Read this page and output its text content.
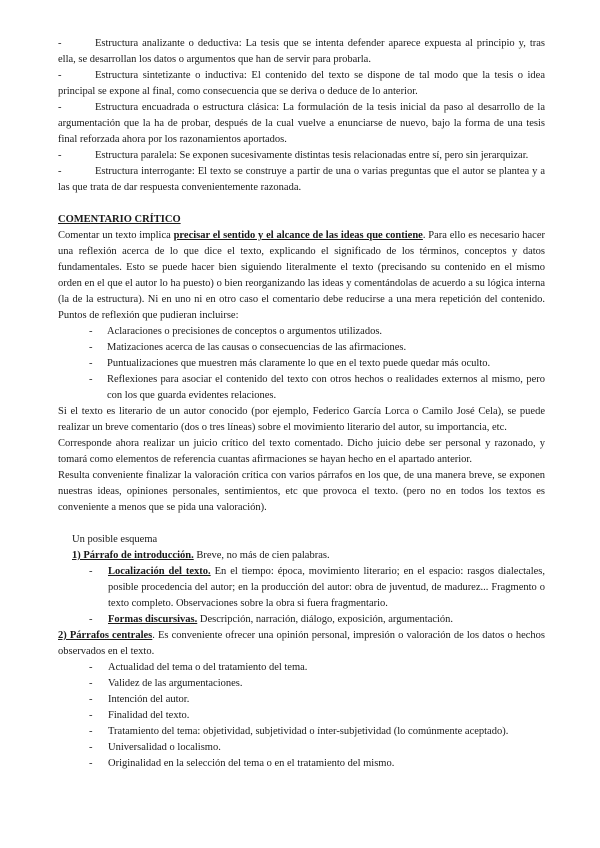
-	Estructura analizante o deductiva: La tesis que se intenta defender aparece expuesta al principio y, tras ella, se desarrollan los datos o argumentos que han de servir para probarla.

-	Estructura sintetizante o inductiva: El contenido del texto se dispone de tal modo que la tesis o idea principal se expone al final, como consecuencia que se deriva o deduce de lo anterior.

-	Estructura encuadrada o estructura clásica: La formulación de la tesis inicial da paso al desarrollo de la argumentación que la ha de probar, después de la cual vuelve a enunciarse de nuevo, bajo la forma de una tesis final reforzada ahora por los razonamientos aportados.

-	Estructura paralela: Se exponen sucesivamente distintas tesis relacionadas entre sí, pero sin jerarquizar.

-	Estructura interrogante: El texto se construye a partir de una o varias preguntas que el autor se plantea y a las que trata de dar respuesta convenientemente razonada.

COMENTARIO CRÍTICO

Comentar un texto implica precisar el sentido y el alcance de las ideas que contiene. Para ello es necesario hacer una reflexión acerca de lo que dice el texto, explicando el significado de los términos, conceptos y datos fundamentales. Esto se puede hacer bien siguiendo literalmente el texto (precisando su contenido en el mismo orden en el que el autor lo ha puesto) o bien reorganizando las ideas y comentándolas de acuerdo a su lógica interna (la de la estructura). Ni en uno ni en otro caso el comentario debe reducirse a una mera repetición del contenido. Puntos de reflexión que pudieran incluirse:

- Aclaraciones o precisiones de conceptos o argumentos utilizados.

- Matizaciones acerca de las causas o consecuencias de las afirmaciones.

- Puntualizaciones que muestren más claramente lo que en el texto puede quedar más oculto.

- Reflexiones para asociar el contenido del texto con otros hechos o realidades externos al mismo, pero con los que guarda evidentes relaciones.

Si el texto es literario de un autor conocido (por ejemplo, Federico García Lorca o Camilo José Cela), se puede realizar un breve comentario (dos o tres líneas) sobre el movimiento literario del autor, su importancia, etc.

Corresponde ahora realizar un juicio crítico del texto comentado. Dicho juicio debe ser personal y razonado, y tomará como elementos de referencia cuantas afirmaciones se hayan hecho en el apartado anterior.

Resulta conveniente finalizar la valoración crítica con varios párrafos en los que, de una manera breve, se exponen nuestras ideas, opiniones personales, sentimientos, etc que provoca el texto. (pero no en todos los textos es conveniente a menos que se pida una valoración).

Un posible esquema

1) Párrafo de introducción. Breve, no más de cien palabras.

- Localización del texto. En el tiempo: época, movimiento literario; en el espacio: rasgos dialectales, posible procedencia del autor; en la producción del autor: obra de juventud, de madurez... Fragmento o texto completo. Observaciones sobre la obra si fuera fragmentario.

- Formas discursivas. Descripción, narración, diálogo, exposición, argumentación.

2) Párrafos centrales. Es conveniente ofrecer una opinión personal, impresión o valoración de los datos o hechos observados en el texto.

- Actualidad del tema o del tratamiento del tema.

- Validez de las argumentaciones.

- Intención del autor.

- Finalidad del texto.

- Tratamiento del tema: objetividad, subjetividad o ínter-subjetividad (lo comúnmente aceptado).

- Universalidad o localismo.

- Originalidad en la selección del tema o en el tratamiento del mismo.
